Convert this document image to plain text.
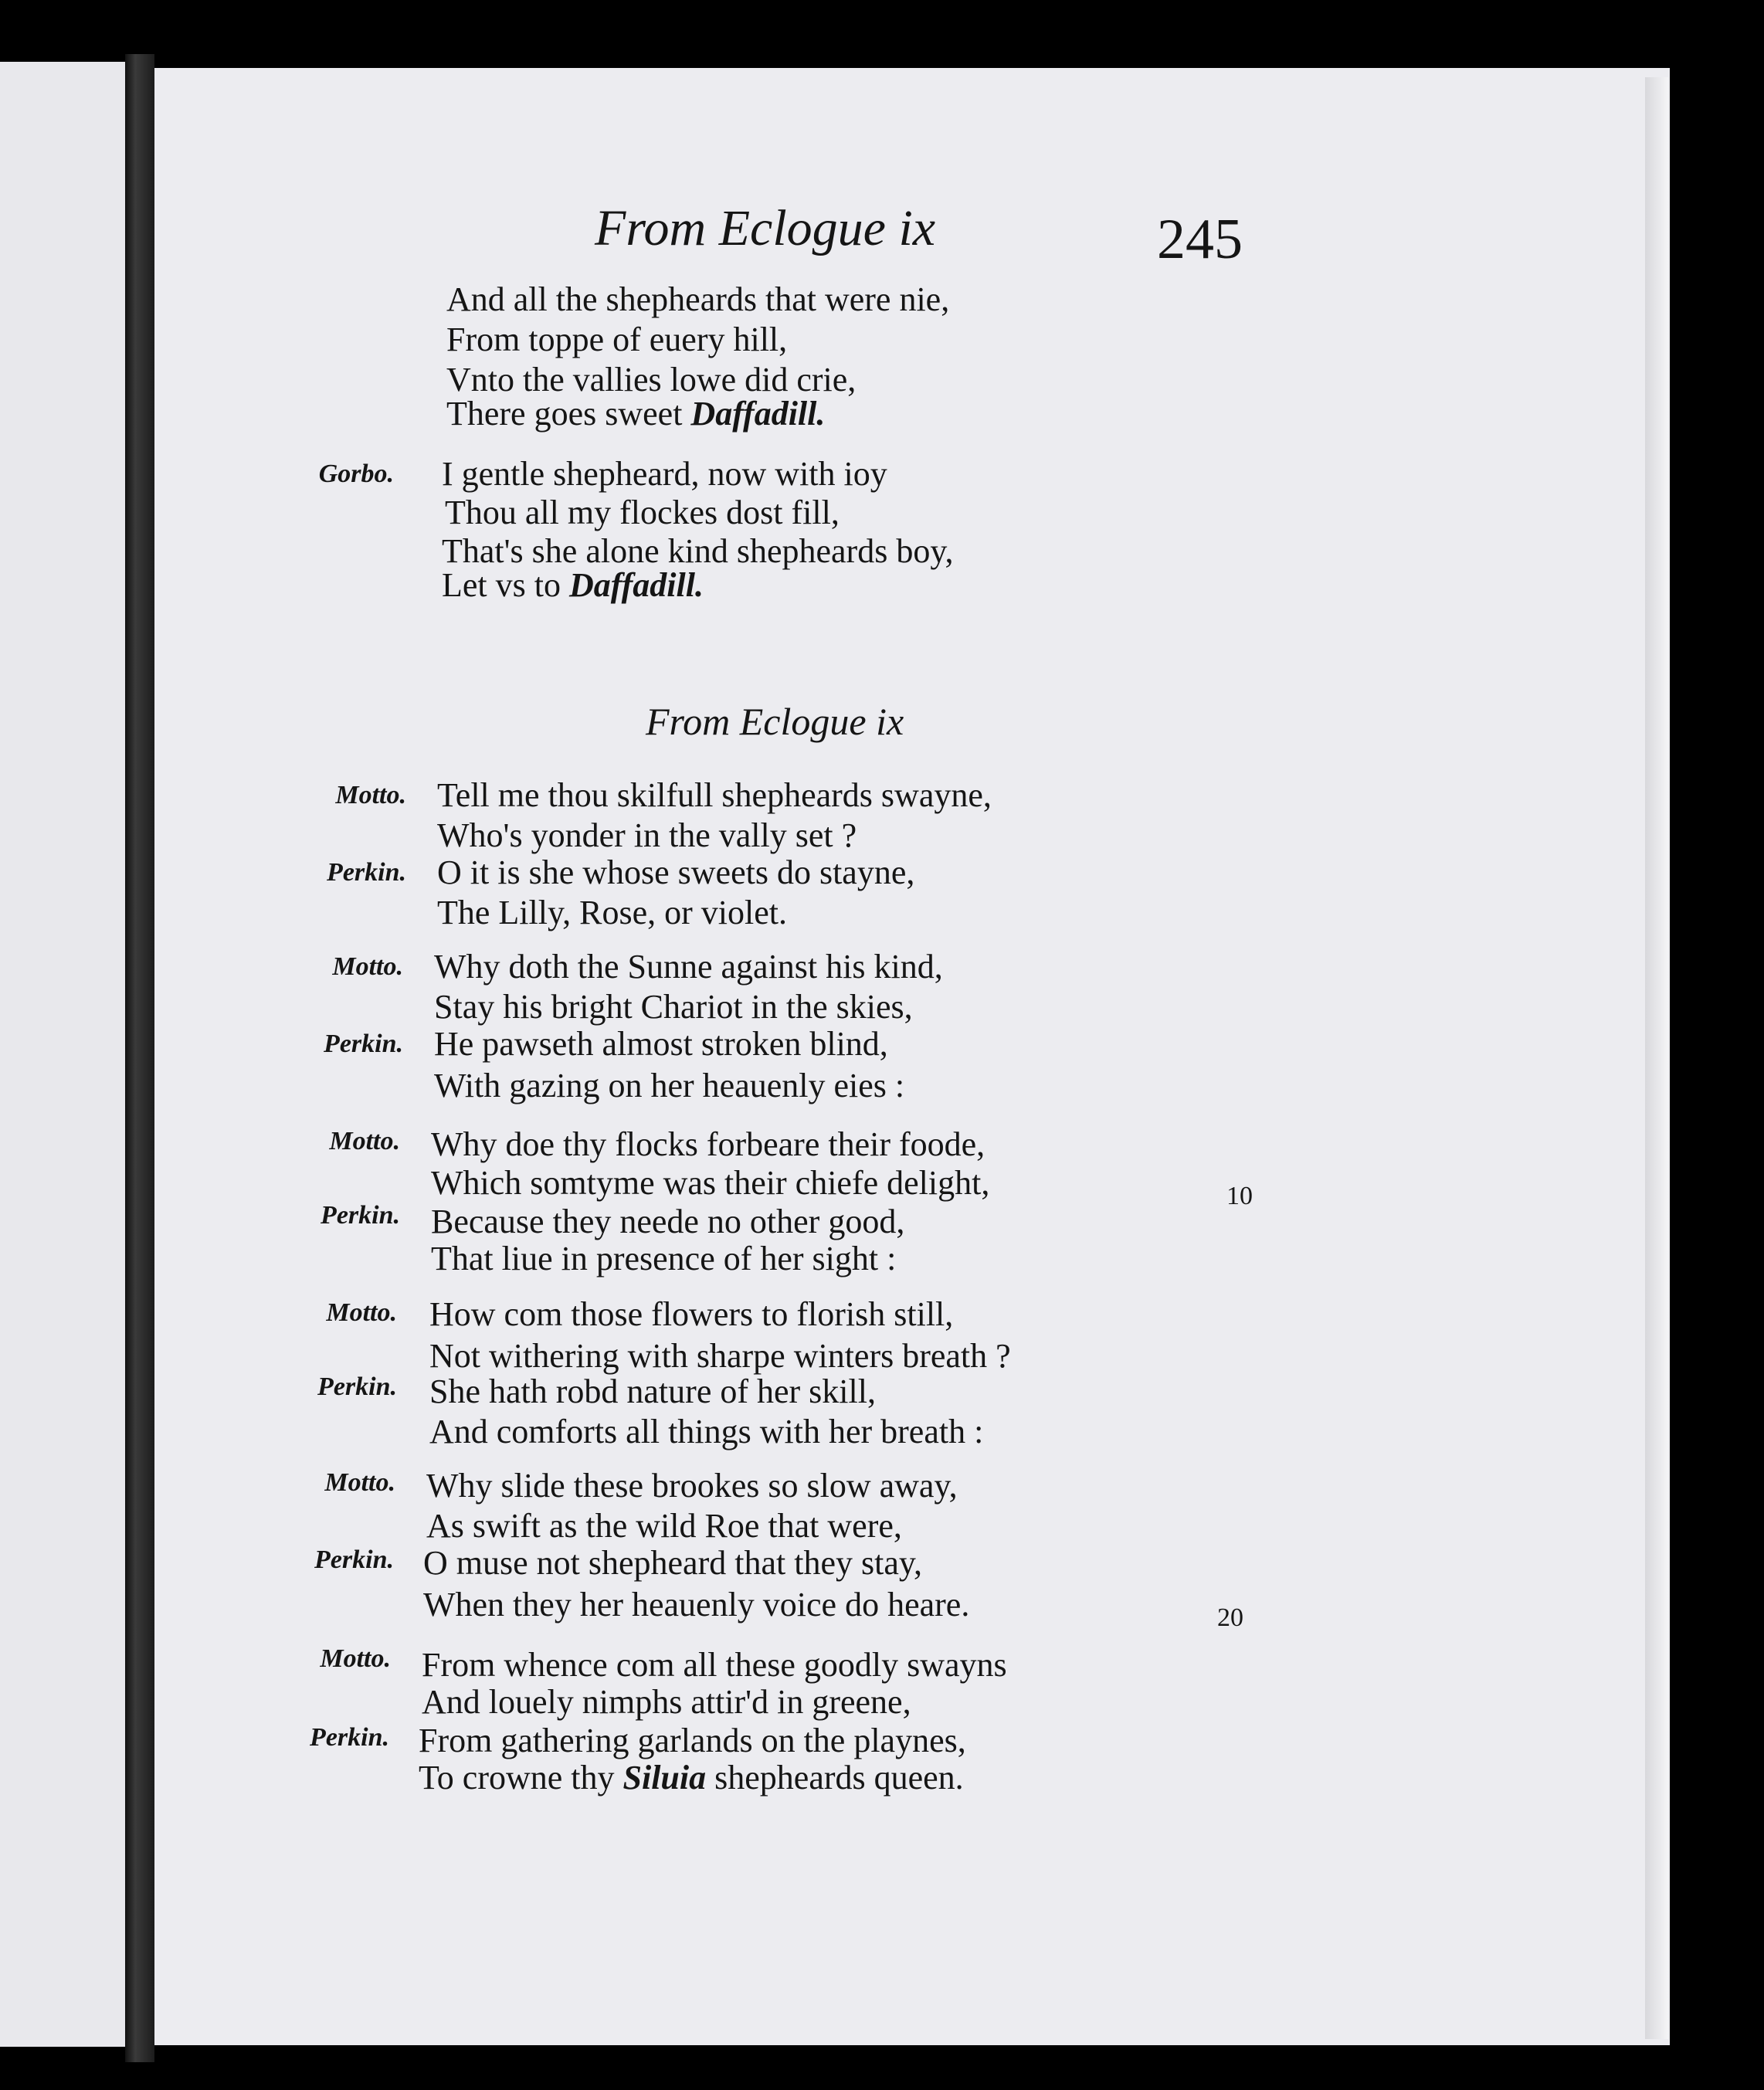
From Eclogue ix	245
And all the shepheards that were nie,
From toppe of euery hill,
Vnto the vallies lowe did crie,
There goes sweet Daffadill.
Gorbo. I gentle shepheard, now with ioy
Thou all my flockes dost fill,
That's she alone kind shepheards boy,
Let vs to Daffadill.
From Eclogue ix
Motto. Tell me thou skilfull shepheards swayne,
Who's yonder in the vally set ?
Perkin. O it is she whose sweets do stayne,
The Lilly, Rose, or violet.
Motto. Why doth the Sunne against his kind,
Stay his bright Chariot in the skies,
Perkin. He pawseth almost stroken blind,
With gazing on her heauenly eies :
Motto. Why doe thy flocks forbeare their foode,
Which somtyme was their chiefe delight,
Perkin. Because they neede no other good,
That liue in presence of her sight :
Motto. How com those flowers to florish still,
Not withering with sharpe winters breath ?
Perkin. She hath robd nature of her skill,
And comforts all things with her breath :
Motto. Why slide these brookes so slow away,
As swift as the wild Roe that were,
Perkin. O muse not shepheard that they stay,
When they her heauenly voice do heare.
Motto. From whence com all these goodly swayns
And louely nimphs attir'd in greene,
Perkin. From gathering garlands on the playnes,
To crowne thy Siluia shepheards queen.
10
20
